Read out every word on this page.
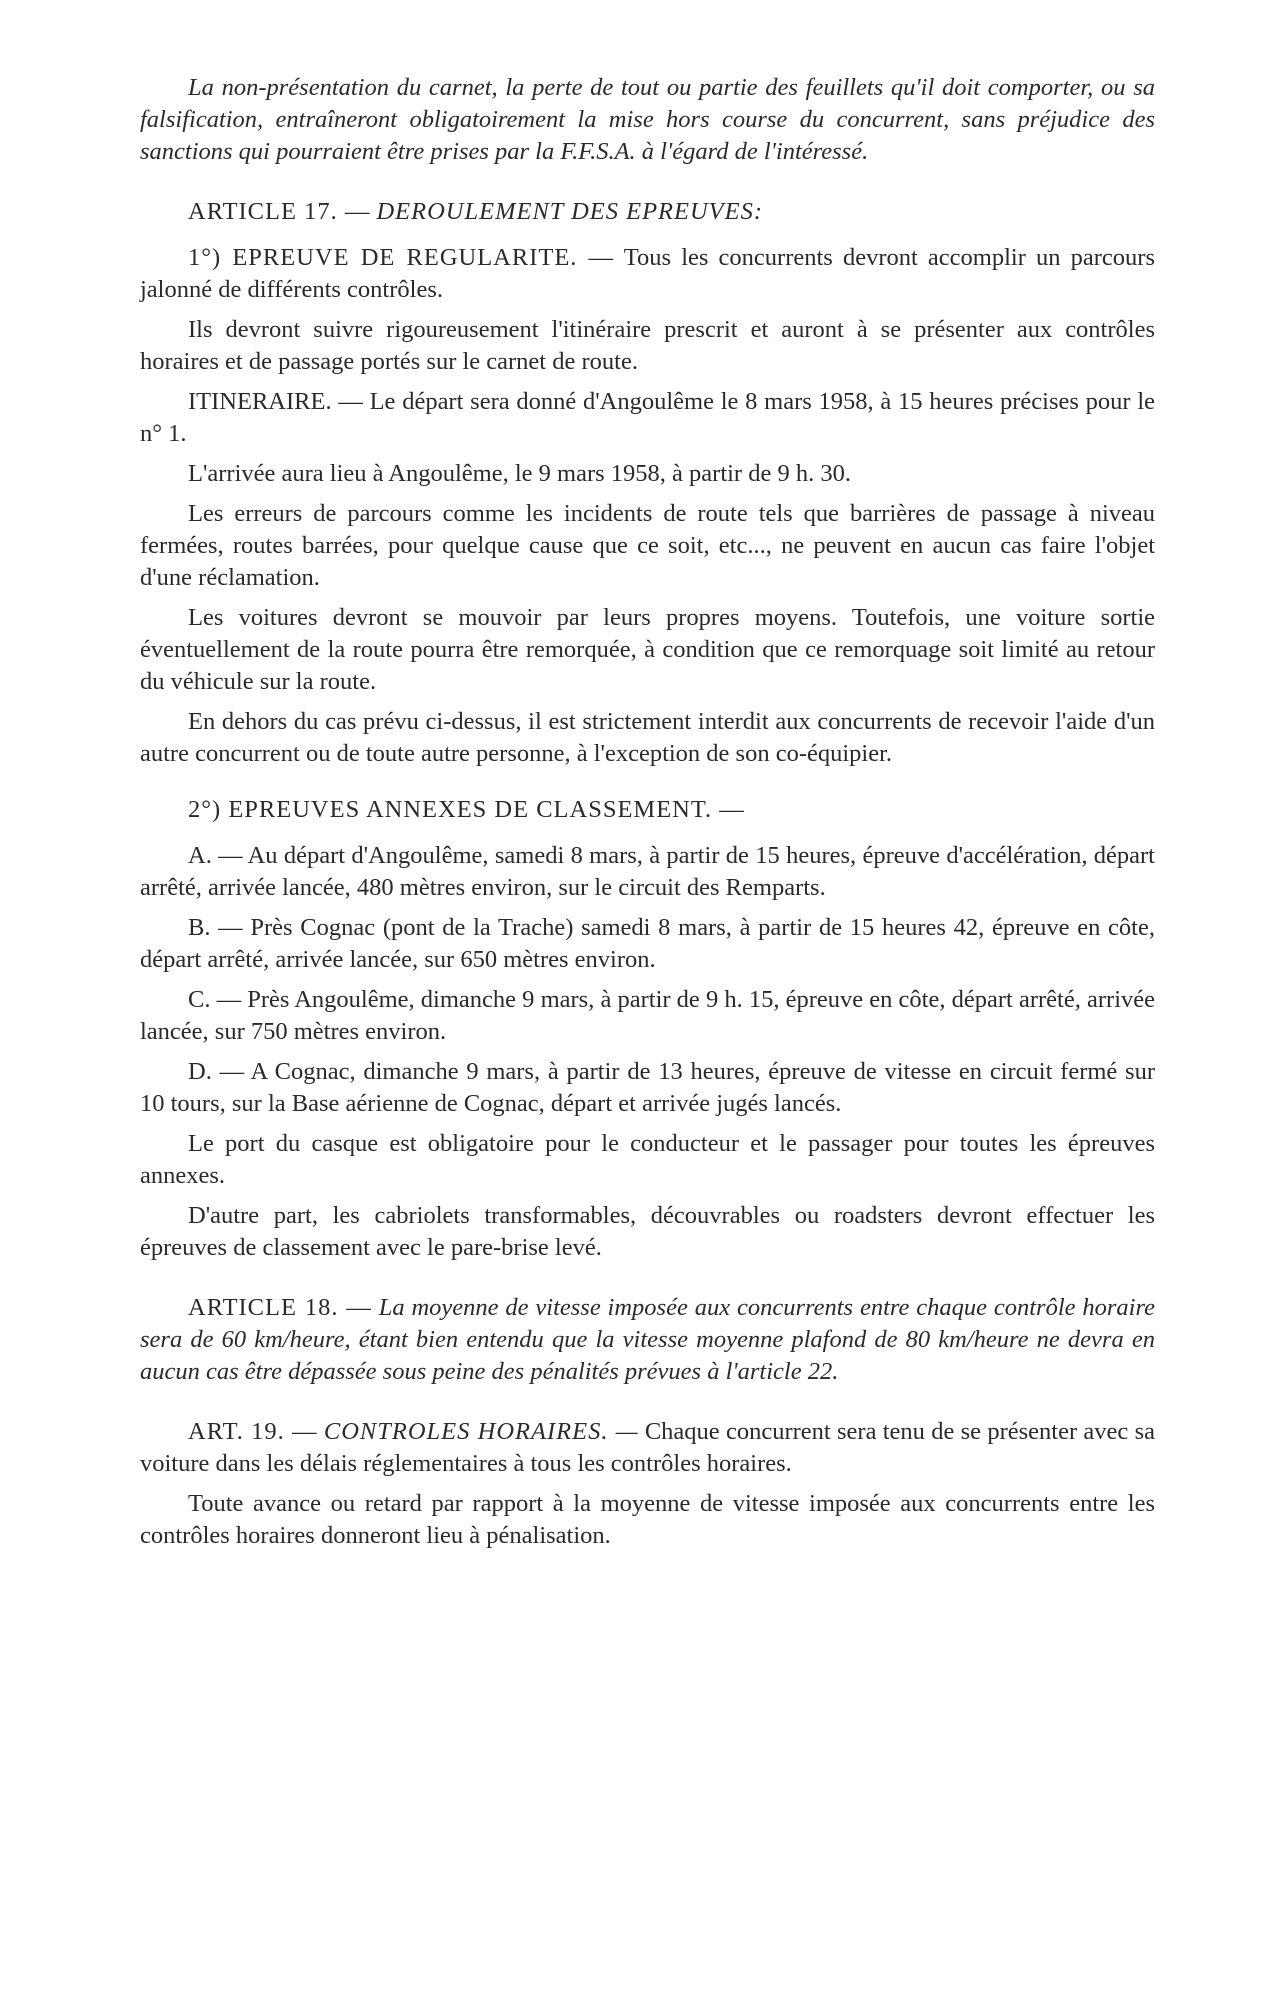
La non-présentation du carnet, la perte de tout ou partie des feuillets qu'il doit comporter, ou sa falsification, entraîneront obligatoirement la mise hors course du concurrent, sans préjudice des sanctions qui pourraient être prises par la F.F.S.A. à l'égard de l'intéressé.

ARTICLE 17. — DEROULEMENT DES EPREUVES:

1°) EPREUVE DE REGULARITE. — Tous les concurrents devront accomplir un parcours jalonné de différents contrôles.

Ils devront suivre rigoureusement l'itinéraire prescrit et auront à se présenter aux contrôles horaires et de passage portés sur le carnet de route.

ITINERAIRE. — Le départ sera donné d'Angoulême le 8 mars 1958, à 15 heures précises pour le n° 1.

L'arrivée aura lieu à Angoulême, le 9 mars 1958, à partir de 9 h. 30.

Les erreurs de parcours comme les incidents de route tels que barrières de passage à niveau fermées, routes barrées, pour quelque cause que ce soit, etc..., ne peuvent en aucun cas faire l'objet d'une réclamation.

Les voitures devront se mouvoir par leurs propres moyens. Toutefois, une voiture sortie éventuellement de la route pourra être remorquée, à condition que ce remorquage soit limité au retour du véhicule sur la route.

En dehors du cas prévu ci-dessus, il est strictement interdit aux concurrents de recevoir l'aide d'un autre concurrent ou de toute autre personne, à l'exception de son co-équipier.

2°) EPREUVES ANNEXES DE CLASSEMENT. —

A. — Au départ d'Angoulême, samedi 8 mars, à partir de 15 heures, épreuve d'accélération, départ arrêté, arrivée lancée, 480 mètres environ, sur le circuit des Remparts.

B. — Près Cognac (pont de la Trache) samedi 8 mars, à partir de 15 heures 42, épreuve en côte, départ arrêté, arrivée lancée, sur 650 mètres environ.

C. — Près Angoulême, dimanche 9 mars, à partir de 9 h. 15, épreuve en côte, départ arrêté, arrivée lancée, sur 750 mètres environ.

D. — A Cognac, dimanche 9 mars, à partir de 13 heures, épreuve de vitesse en circuit fermé sur 10 tours, sur la Base aérienne de Cognac, départ et arrivée jugés lancés.

Le port du casque est obligatoire pour le conducteur et le passager pour toutes les épreuves annexes.

D'autre part, les cabriolets transformables, découvrables ou roadsters devront effectuer les épreuves de classement avec le pare-brise levé.

ARTICLE 18. — La moyenne de vitesse imposée aux concurrents entre chaque contrôle horaire sera de 60 km/heure, étant bien entendu que la vitesse moyenne plafond de 80 km/heure ne devra en aucun cas être dépassée sous peine des pénalités prévues à l'article 22.

ART. 19. — CONTROLES HORAIRES. — Chaque concurrent sera tenu de se présenter avec sa voiture dans les délais réglementaires à tous les contrôles horaires.

Toute avance ou retard par rapport à la moyenne de vitesse imposée aux concurrents entre les contrôles horaires donneront lieu à pénalisation.
